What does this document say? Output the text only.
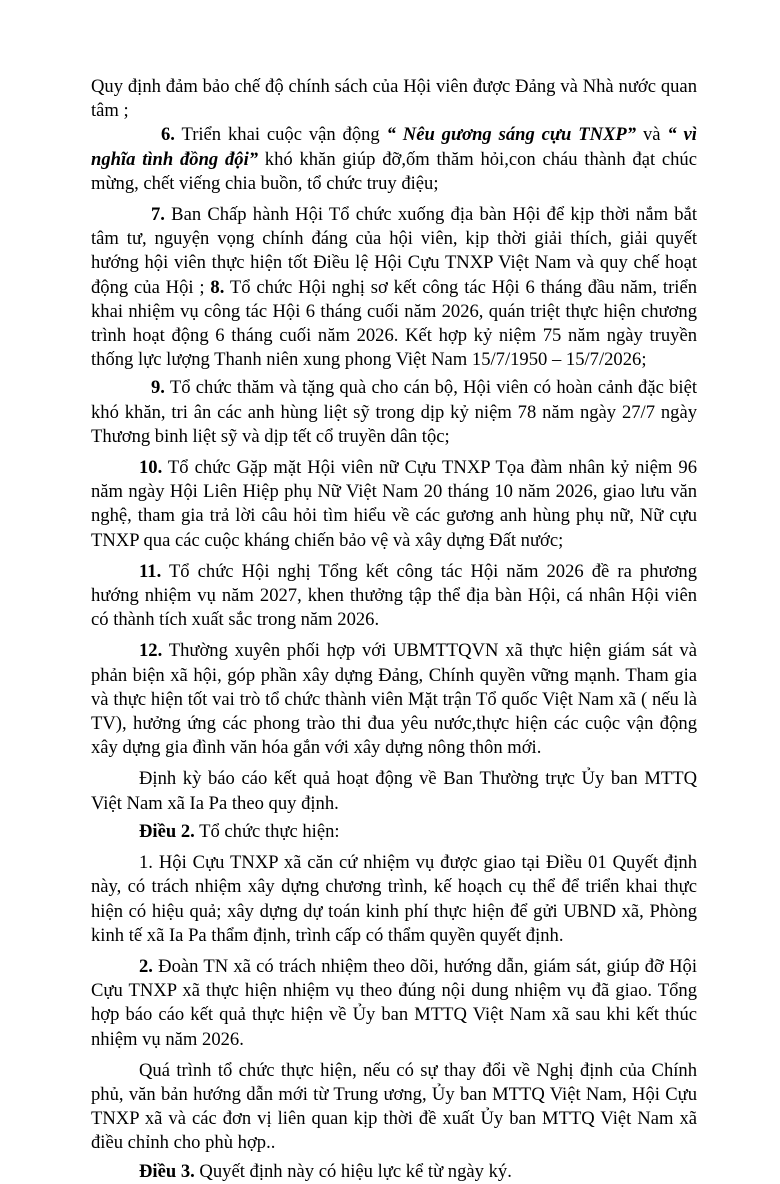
Quy định đảm bảo chế độ chính sách của Hội viên được Đảng và Nhà nước quan tâm ;

6. Triển khai cuộc vận động “ Nêu gương sáng cựu TNXP” và “ vì nghĩa tình đồng đội” khó khăn giúp đỡ,ốm thăm hỏi,con cháu thành đạt chúc mừng, chết viếng chia buồn, tổ chức truy điệu;

7. Ban Chấp hành Hội Tổ chức xuống địa bàn Hội để kịp thời nắm bắt tâm tư, nguyện vọng chính đáng của hội viên, kịp thời giải thích, giải quyết hướng hội viên thực hiện tốt Điều lệ Hội Cựu TNXP Việt Nam và quy chế hoạt động của Hội ; 8. Tổ chức Hội nghị sơ kết công tác Hội 6 tháng đầu năm, triển khai nhiệm vụ công tác Hội 6 tháng cuối năm 2026, quán triệt thực hiện chương trình hoạt động 6 tháng cuối năm 2026. Kết hợp kỷ niệm 75 năm ngày truyền thống lực lượng Thanh niên xung phong Việt Nam 15/7/1950 – 15/7/2026;

9. Tổ chức thăm và tặng quà cho cán bộ, Hội viên có hoàn cảnh đặc biệt khó khăn, tri ân các anh hùng liệt sỹ trong dịp kỷ niệm 78 năm ngày 27/7 ngày Thương binh liệt sỹ và dịp tết cổ truyền dân tộc;

10. Tổ chức Gặp mặt Hội viên nữ Cựu TNXP Tọa đàm nhân kỷ niệm 96 năm ngày Hội Liên Hiệp phụ Nữ Việt Nam 20 tháng 10 năm 2026, giao lưu văn nghệ, tham gia trả lời câu hỏi tìm hiểu về các gương anh hùng phụ nữ, Nữ cựu TNXP qua các cuộc kháng chiến bảo vệ và xây dựng Đất nước;

11. Tổ chức Hội nghị Tổng kết công tác Hội năm 2026 đề ra phương hướng nhiệm vụ năm 2027, khen thưởng tập thể địa bàn Hội, cá nhân Hội viên có thành tích xuất sắc trong năm 2026.

12. Thường xuyên phối hợp với UBMTTQVN xã thực hiện giám sát và phản biện xã hội, góp phần xây dựng Đảng, Chính quyền vững mạnh. Tham gia và thực hiện tốt vai trò tổ chức thành viên Mặt trận Tổ quốc Việt Nam xã ( nếu là TV), hưởng ứng các phong trào thi đua yêu nước,thực hiện các cuộc vận động xây dựng gia đình văn hóa gắn với xây dựng nông thôn mới.

Định kỳ báo cáo kết quả hoạt động về Ban Thường trực Ủy ban MTTQ Việt Nam xã Ia Pa theo quy định.

Điều 2. Tổ chức thực hiện:

1. Hội Cựu TNXP xã căn cứ nhiệm vụ được giao tại Điều 01 Quyết định này, có trách nhiệm xây dựng chương trình, kế hoạch cụ thể để triển khai thực hiện có hiệu quả; xây dựng dự toán kinh phí thực hiện để gửi UBND xã, Phòng kinh tế xã Ia Pa thẩm định, trình cấp có thẩm quyền quyết định.

2. Đoàn TN xã có trách nhiệm theo dõi, hướng dẫn, giám sát, giúp đỡ Hội Cựu TNXP xã thực hiện nhiệm vụ theo đúng nội dung nhiệm vụ đã giao. Tổng hợp báo cáo kết quả thực hiện về Ủy ban MTTQ Việt Nam xã sau khi kết thúc nhiệm vụ năm 2026.

Quá trình tổ chức thực hiện, nếu có sự thay đổi về Nghị định của Chính phủ, văn bản hướng dẫn mới từ Trung ương, Ủy ban MTTQ Việt Nam, Hội Cựu TNXP xã và các đơn vị liên quan kịp thời đề xuất Ủy ban MTTQ Việt Nam xã điều chỉnh cho phù hợp..

Điều 3. Quyết định này có hiệu lực kể từ ngày ký.
